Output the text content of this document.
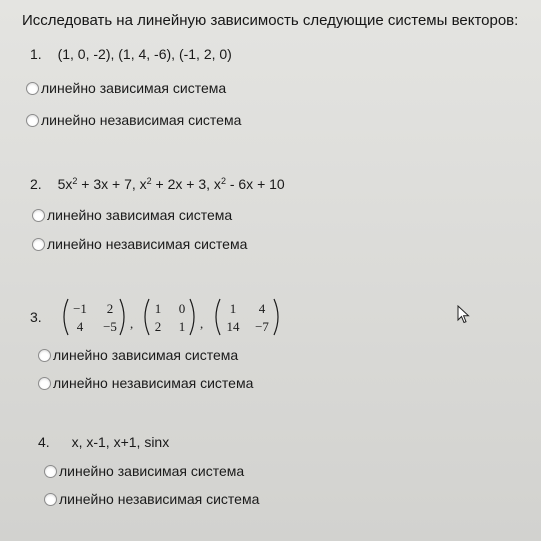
Исследовать на линейную зависимость следующие системы векторов:
1. (1, 0, -2), (1, 4, -6), (-1, 2, 0)
линейно зависимая система
линейно независимая система
2. $5x^2 + 3x + 7$, $x^2 + 2x + 3$, $x^2 - 6x + 10$
линейно зависимая система
линейно независимая система
3.
−1 2
4 −5 ,
1 0
2 1 ,
1 4
14 −7
линейно зависимая система
линейно независимая система
4. x, x-1, x+1, sinx
линейно зависимая система
линейно независимая система
